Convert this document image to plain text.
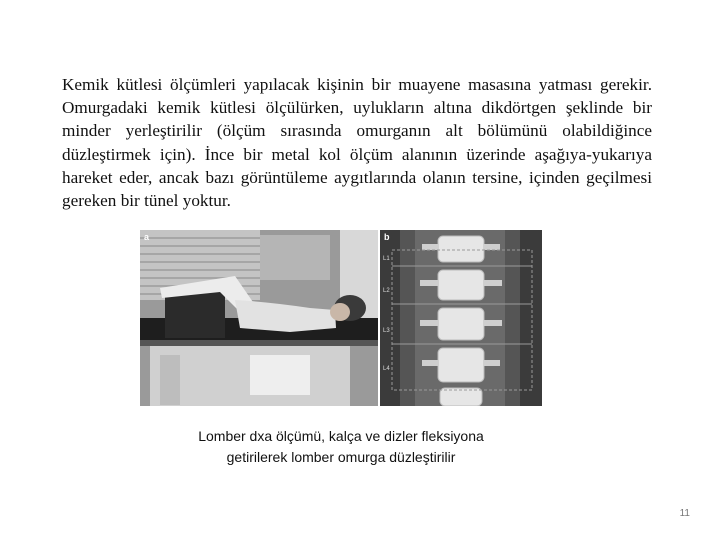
Kemik kütlesi ölçümleri yapılacak kişinin bir muayene masasına yatması gerekir. Omurgadaki kemik kütlesi ölçülürken, uylukların altına dikdörtgen şeklinde bir minder yerleştirilir (ölçüm sırasında omurganın alt bölümünü olabildiğince düzleştirmek için). İnce bir metal kol ölçüm alanının üzerinde aşağıya-yukarıya hareket eder, ancak bazı görüntüleme aygıtlarında olanın tersine, içinden geçilmesi gereken bir tünel yoktur.

a	b
L1
L2
L3
L4
Lomber dxa ölçümü, kalça ve dizler fleksiyona
getirilerek lomber omurga düzleştirilir
11
